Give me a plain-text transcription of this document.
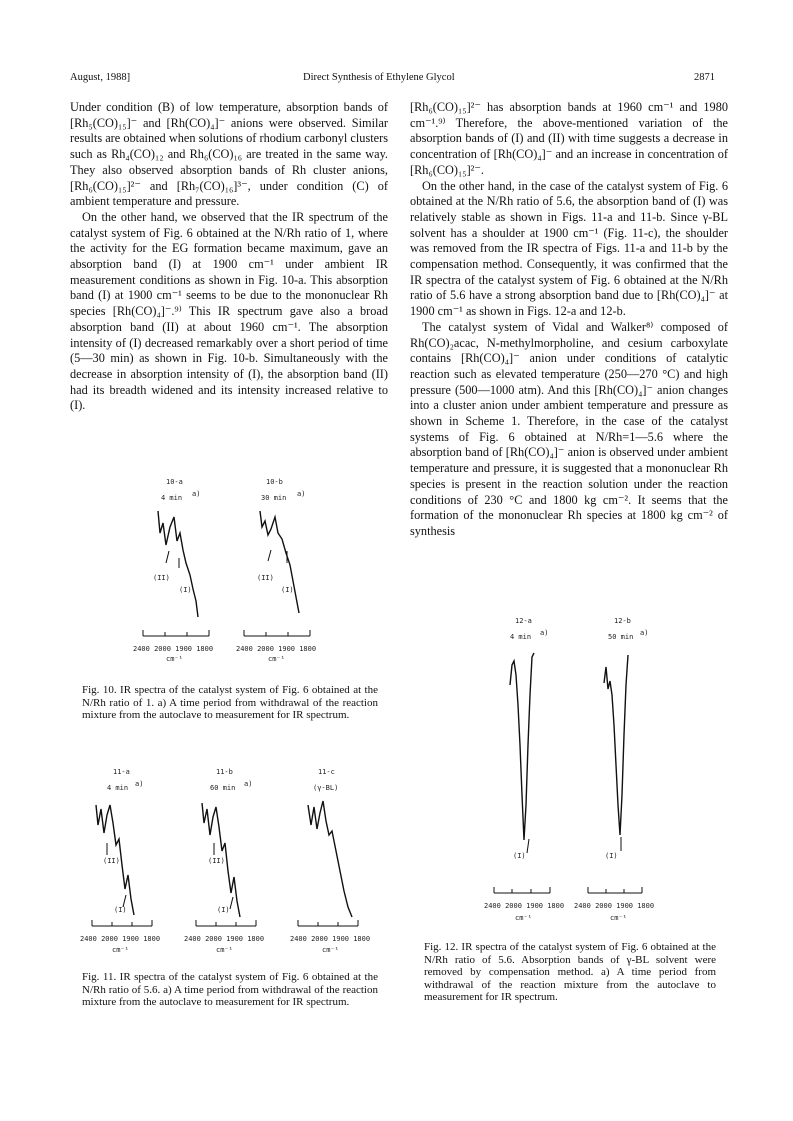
August, 1988]	Direct Synthesis of Ethylene Glycol	2871

Under condition (B) of low temperature, absorption bands of [Rh₅(CO)₁₅]⁻ and [Rh(CO)₄]⁻ anions were observed. Similar results are obtained when solutions of rhodium carbonyl clusters such as Rh₄(CO)₁₂ and Rh₆(CO)₁₆ are treated in the same way. They also observed absorption bands of Rh cluster anions, [Rh₆(CO)₁₅]²⁻ and [Rh₇(CO)₁₆]³⁻, under condition (C) of ambient temperature and pressure.

On the other hand, we observed that the IR spectrum of the catalyst system of Fig. 6 obtained at the N/Rh ratio of 1, where the activity for the EG formation became maximum, gave an absorption band (I) at 1900 cm⁻¹ under ambient IR measurement conditions as shown in Fig. 10-a. This absorption band (I) at 1900 cm⁻¹ seems to be due to the mononuclear Rh species [Rh(CO)₄]⁻.⁹⁾ This IR spectrum gave also a broad absorption band (II) at about 1960 cm⁻¹. The absorption intensity of (I) decreased remarkably over a short period of time (5—30 min) as shown in Fig. 10-b. Simultaneously with the decrease in absorption intensity of (I), the absorption band (II) had its breadth widened and its intensity increased relative to (I).

[Rh₆(CO)₁₅]²⁻ has absorption bands at 1960 cm⁻¹ and 1980 cm⁻¹.⁹⁾ Therefore, the above-mentioned variation of the absorption bands of (I) and (II) with time suggests a decrease in concentration of [Rh(CO)₄]⁻ and an increase in concentration of [Rh₆(CO)₁₅]²⁻.

On the other hand, in the case of the catalyst system of Fig. 6 obtained at the N/Rh ratio of 5.6, the absorption band of (I) was relatively stable as shown in Figs. 11-a and 11-b. Since γ-BL solvent has a shoulder at 1900 cm⁻¹ (Fig. 11-c), the shoulder was removed from the IR spectra of Figs. 11-a and 11-b by the compensation method. Consequently, it was confirmed that the IR spectra of the catalyst system of Fig. 6 obtained at the N/Rh ratio of 5.6 have a strong absorption band due to [Rh(CO)₄]⁻ at 1900 cm⁻¹ as shown in Figs. 12-a and 12-b.

The catalyst system of Vidal and Walker⁸⁾ composed of Rh(CO)₂acac, N-methylmorpholine, and cesium carboxylate contains [Rh(CO)₄]⁻ anion under conditions of catalytic reaction such as elevated temperature (250—270 °C) and high pressure (500—1000 atm). And this [Rh(CO)₄]⁻ anion changes into a cluster anion under ambient temperature and pressure as shown in Scheme 1. Therefore, in the case of the catalyst systems of Fig. 6 obtained at N/Rh=1—5.6 where the absorption band of [Rh(CO)₄]⁻ anion is observed under ambient temperature and pressure, it is suggested that a mononuclear Rh species is present in the reaction solution under the reaction conditions of 230 °C and 1800 kg cm⁻². It seems that the formation of the mononuclear Rh species at 1800 kg cm⁻² of synthesis

10-a
4 min a)
(II)
(I)
2400 2000 1900 1800
cm⁻¹
10-b
30 min a)
(II)
(I)
2400 2000 1900 1800
cm⁻¹
Fig. 10. IR spectra of the catalyst system of Fig. 6 obtained at the N/Rh ratio of 1. a) A time period from withdrawal of the reaction mixture from the autoclave to measurement for IR spectrum.
11-a
4 min a)
(II)
(I)
2400 2000 1900 1800
cm⁻¹
11-b
60 min a)
(II)
(I)
2400 2000 1900 1800
cm⁻¹
11-c
(γ-BL)
2400 2000 1900 1800
cm⁻¹
Fig. 11. IR spectra of the catalyst system of Fig. 6 obtained at the N/Rh ratio of 5.6. a) A time period from withdrawal of the reaction mixture from the autoclave to measurement for IR spectrum.
12-a
4 min a)
(I)
2400 2000 1900 1800
cm⁻¹
12-b
50 min a)
(I)
2400 2000 1900 1800
cm⁻¹
Fig. 12. IR spectra of the catalyst system of Fig. 6 obtained at the N/Rh ratio of 5.6. Absorption bands of γ-BL solvent were removed by compensation method. a) A time period from withdrawal of the reaction mixture from the autoclave to measurement for IR spectrum.
